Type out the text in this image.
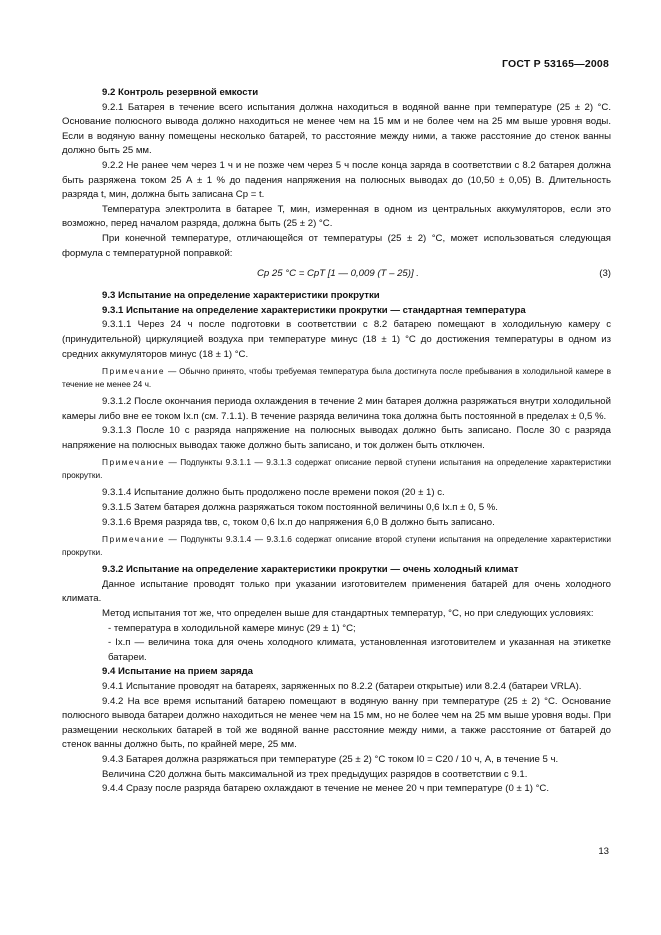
ГОСТ Р 53165—2008

9.2 Контроль резервной емкости

9.2.1 Батарея в течение всего испытания должна находиться в водяной ванне при температуре (25 ± 2) °С. Основание полюсного вывода должно находиться не менее чем на 15 мм и не более чем на 25 мм выше уровня воды. Если в водяную ванну помещены несколько батарей, то расстояние между ними, а также расстояние до стенок ванны должно быть 25 мм.

9.2.2 Не ранее чем через 1 ч и не позже чем через 5 ч после конца заряда в соответствии с 8.2 батарея должна быть разряжена током 25 А ± 1 % до падения напряжения на полюсных выводах до (10,50 ± 0,05) В. Длительность разряда t, мин, должна быть записана Cр = t.

Температура электролита в батарее Т, мин, измеренная в одном из центральных аккумуляторов, если это возможно, перед началом разряда, должна быть (25 ± 2) °С.

При конечной температуре, отличающейся от температуры (25 ± 2) °С, может использоваться следующая формула с температурной поправкой:

Cр 25 °С = CрТ [1 — 0,009 (Т – 25)] .	(3)

9.3 Испытание на определение характеристики прокрутки

9.3.1 Испытание на определение характеристики прокрутки — стандартная температура

9.3.1.1 Через 24 ч после подготовки в соответствии с 8.2 батарею помещают в холодильную камеру с (принудительной) циркуляцией воздуха при температуре минус (18 ± 1) °С до достижения температуры в одном из средних аккумуляторов минус (18 ± 1) °С.

Примечание — Обычно принято, чтобы требуемая температура была достигнута после пребывания в холодильной камере в течение не менее 24 ч.

9.3.1.2 После окончания периода охлаждения в течение 2 мин батарея должна разряжаться внутри холодильной камеры либо вне ее током Iх.п (см. 7.1.1). В течение разряда величина тока должна быть постоянной в пределах ± 0,5 %.

9.3.1.3 После 10 с разряда напряжение на полюсных выводах должно быть записано. После 30 с разряда напряжение на полюсных выводах также должно быть записано, и ток должен быть отключен.

Примечание — Подпункты 9.3.1.1 — 9.3.1.3 содержат описание первой ступени испытания на определение характеристики прокрутки.

9.3.1.4 Испытание должно быть продолжено после времени покоя (20 ± 1) с.

9.3.1.5 Затем батарея должна разряжаться током постоянной величины 0,6 Iх.п ± 0, 5 %.

9.3.1.6 Время разряда tвв, с, током 0,6 Iх.п до напряжения 6,0 В должно быть записано.

Примечание — Подпункты 9.3.1.4 — 9.3.1.6 содержат описание второй ступени испытания на определение характеристики прокрутки.

9.3.2 Испытание на определение характеристики прокрутки — очень холодный климат

Данное испытание проводят только при указании изготовителем применения батарей для очень холодного климата.

Метод испытания тот же, что определен выше для стандартных температур, °С, но при следующих условиях:

- температура в холодильной камере минус (29 ± 1) °С;

- Iх.п — величина тока для очень холодного климата, установленная изготовителем и указанная на этикетке батареи.

9.4 Испытание на прием заряда

9.4.1 Испытание проводят на батареях, заряженных по 8.2.2 (батареи открытые) или 8.2.4 (батареи VRLA).

9.4.2 На все время испытаний батарею помещают в водяную ванну при температуре (25 ± 2) °С. Основание полюсного вывода батареи должно находиться не менее чем на 15 мм, но не более чем на 25 мм выше уровня воды. При размещении нескольких батарей в той же водяной ванне расстояние между ними, а также расстояние от батарей до стенок ванны должно быть, по крайней мере, 25 мм.

9.4.3 Батарея должна разряжаться при температуре (25 ± 2) °С током I0 = C20 / 10 ч, А, в течение 5 ч.

Величина C20 должна быть максимальной из трех предыдущих разрядов в соответствии с 9.1.

9.4.4 Сразу после разряда батарею охлаждают в течение не менее 20 ч при температуре (0 ± 1) °С.

13
